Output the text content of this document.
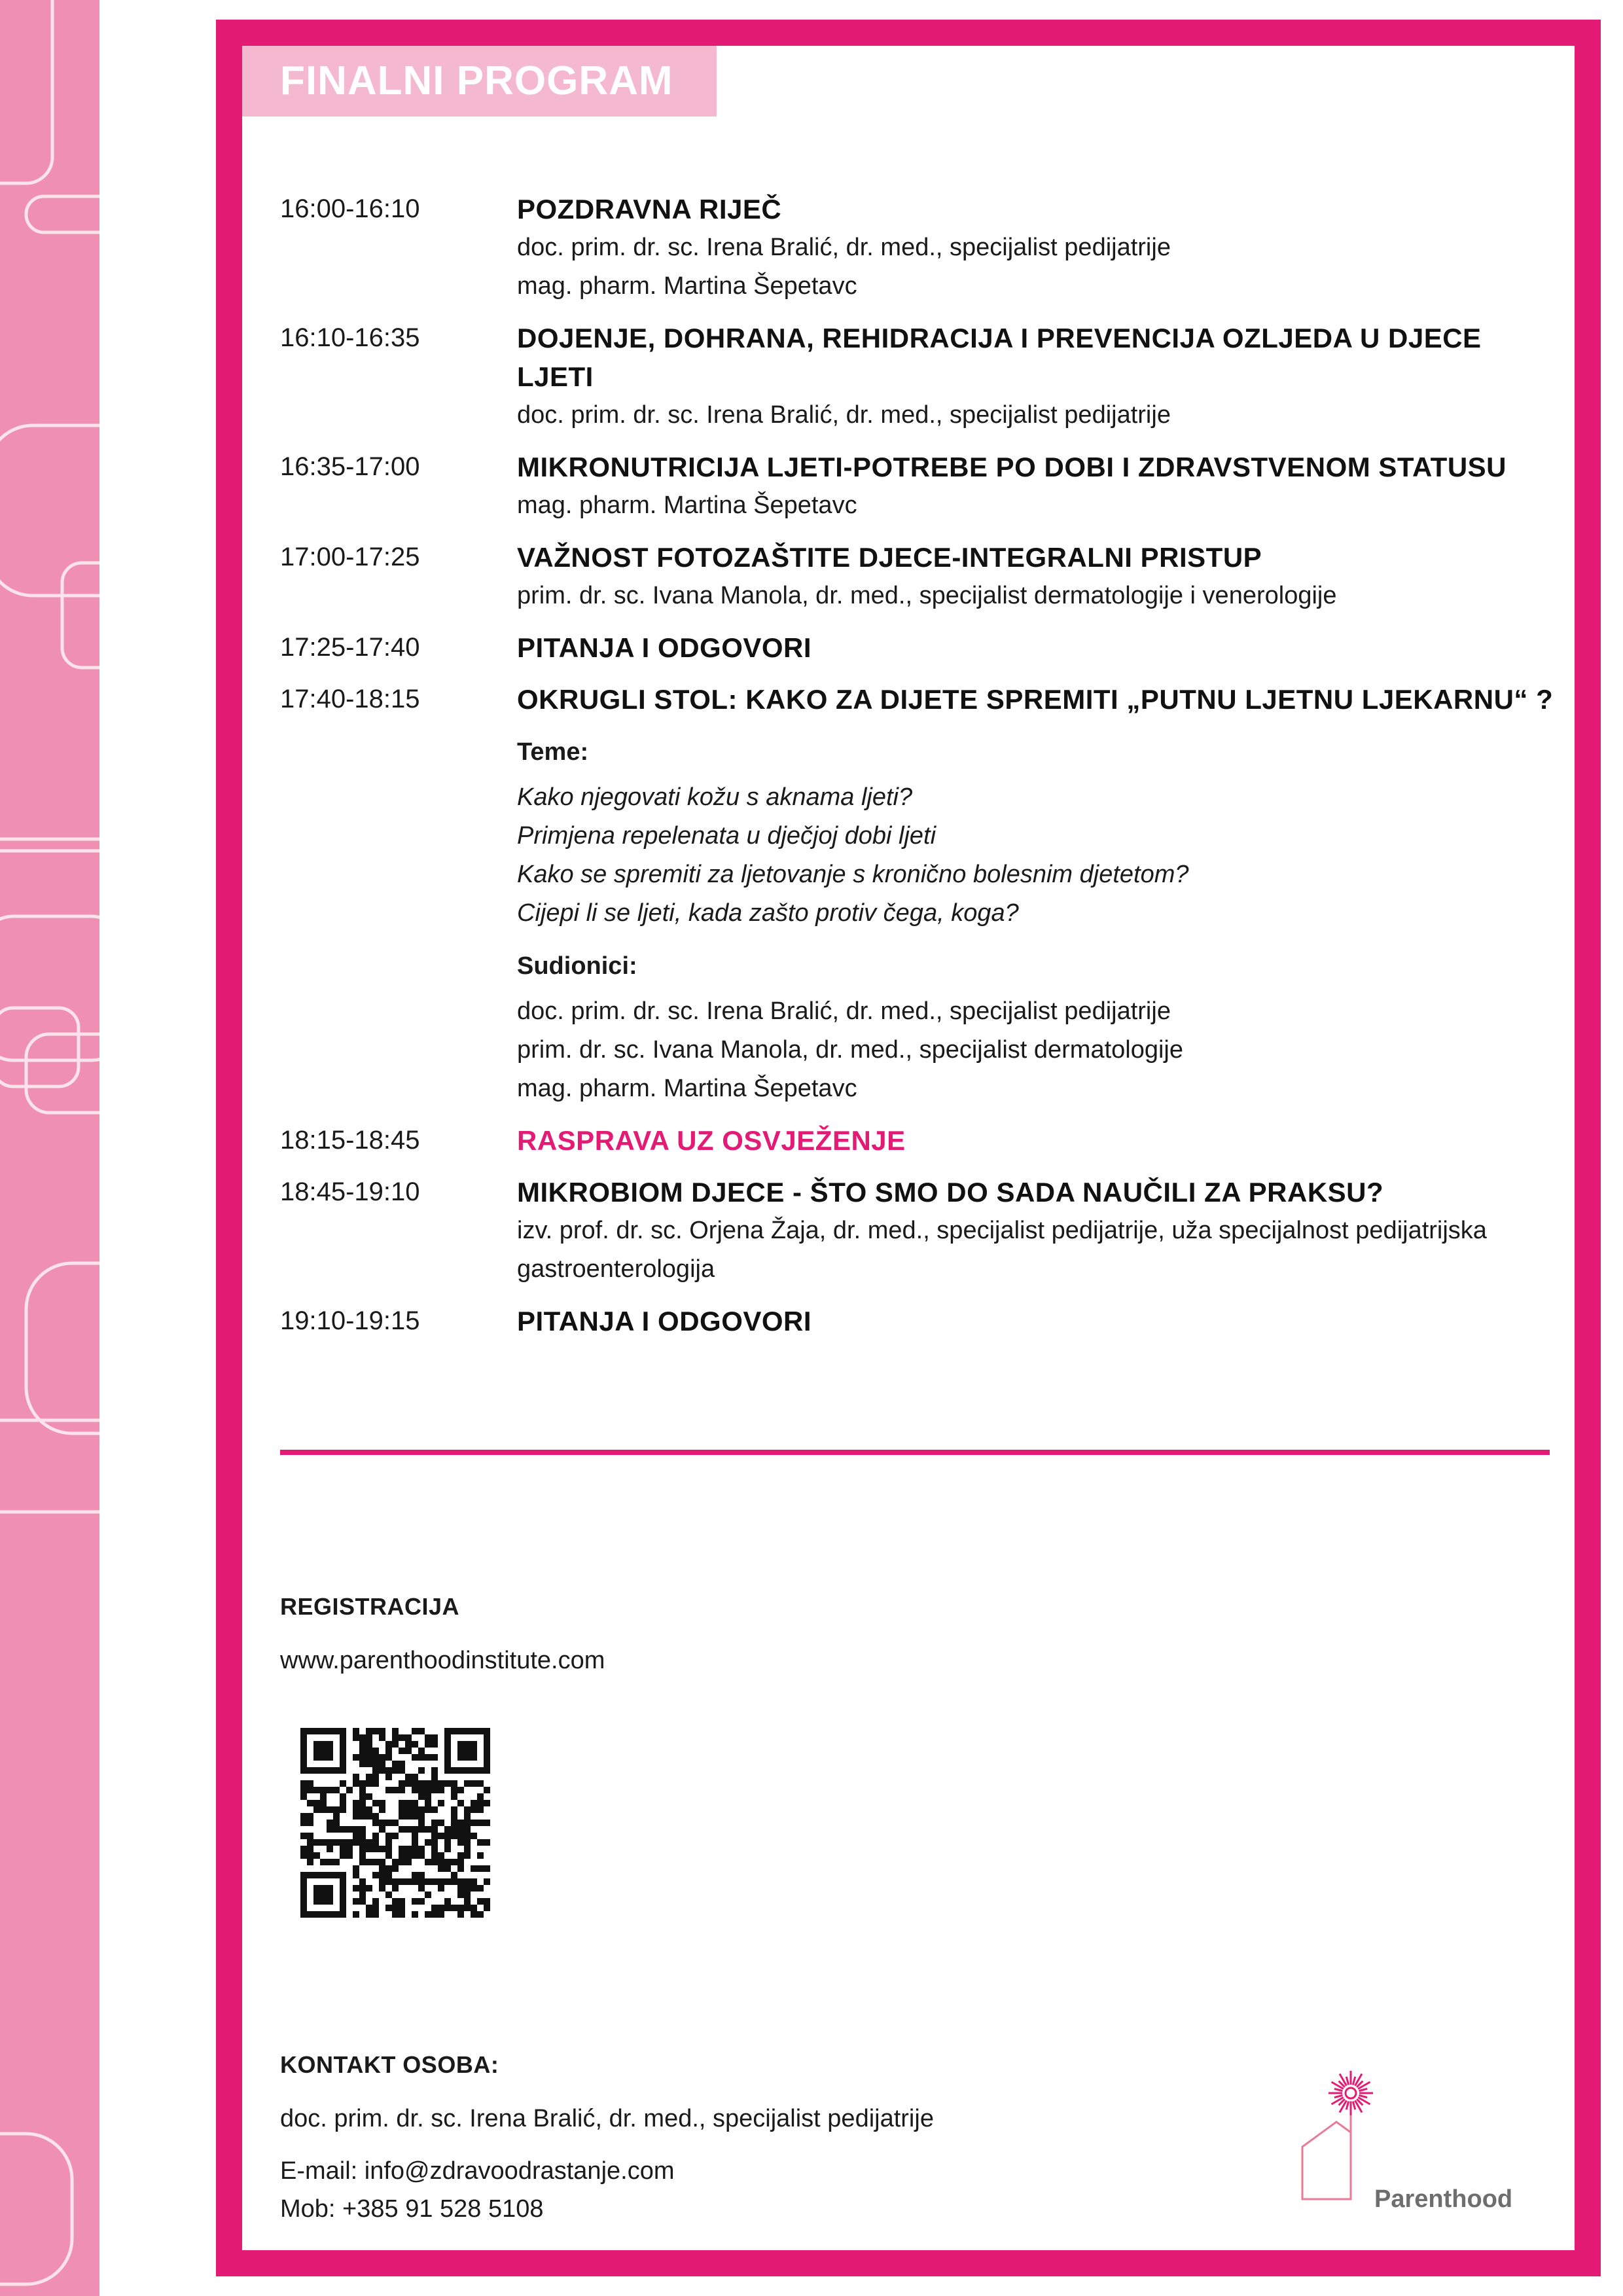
FINALNI PROGRAM
16:00-16:10	POZDRAVNA RIJEČ
doc. prim. dr. sc. Irena Bralić, dr. med., specijalist pedijatrije
mag. pharm. Martina Šepetavc
16:10-16:35	DOJENJE, DOHRANA, REHIDRACIJA I PREVENCIJA OZLJEDA U DJECE LJETI
doc. prim. dr. sc. Irena Bralić, dr. med., specijalist pedijatrije
16:35-17:00	MIKRONUTRICIJA LJETI-POTREBE PO DOBI I ZDRAVSTVENOM STATUSU
mag. pharm. Martina Šepetavc
17:00-17:25	VAŽNOST FOTOZAŠTITE DJECE-INTEGRALNI PRISTUP
prim. dr. sc. Ivana Manola, dr. med., specijalist dermatologije i venerologije
17:25-17:40	PITANJA I ODGOVORI
17:40-18:15	OKRUGLI STOL: KAKO ZA DIJETE SPREMITI „PUTNU LJETNU LJEKARNU“ ?
Teme:
Kako njegovati kožu s aknama ljeti?
Primjena repelenata u dječjoj dobi ljeti
Kako se spremiti za ljetovanje s kronično bolesnim djetetom?
Cijepi li se ljeti, kada zašto protiv čega, koga?
Sudionici:
doc. prim. dr. sc. Irena Bralić, dr. med., specijalist pedijatrije
prim. dr. sc. Ivana Manola, dr. med., specijalist dermatologije
mag. pharm. Martina Šepetavc
18:15-18:45	RASPRAVA UZ OSVJEŽENJE
18:45-19:10	MIKROBIOM DJECE - ŠTO SMO DO SADA NAUČILI ZA PRAKSU?
izv. prof. dr. sc. Orjena Žaja, dr. med., specijalist pedijatrije, uža specijalnost pedijatrijska gastroenterologija
19:10-19:15	PITANJA I ODGOVORI
REGISTRACIJA
www.parenthoodinstitute.com
KONTAKT OSOBA:
doc. prim. dr. sc. Irena Bralić, dr. med., specijalist pedijatrije
E-mail: info@zdravoodrastanje.com
Mob: +385 91 528 5108	Parenthood
